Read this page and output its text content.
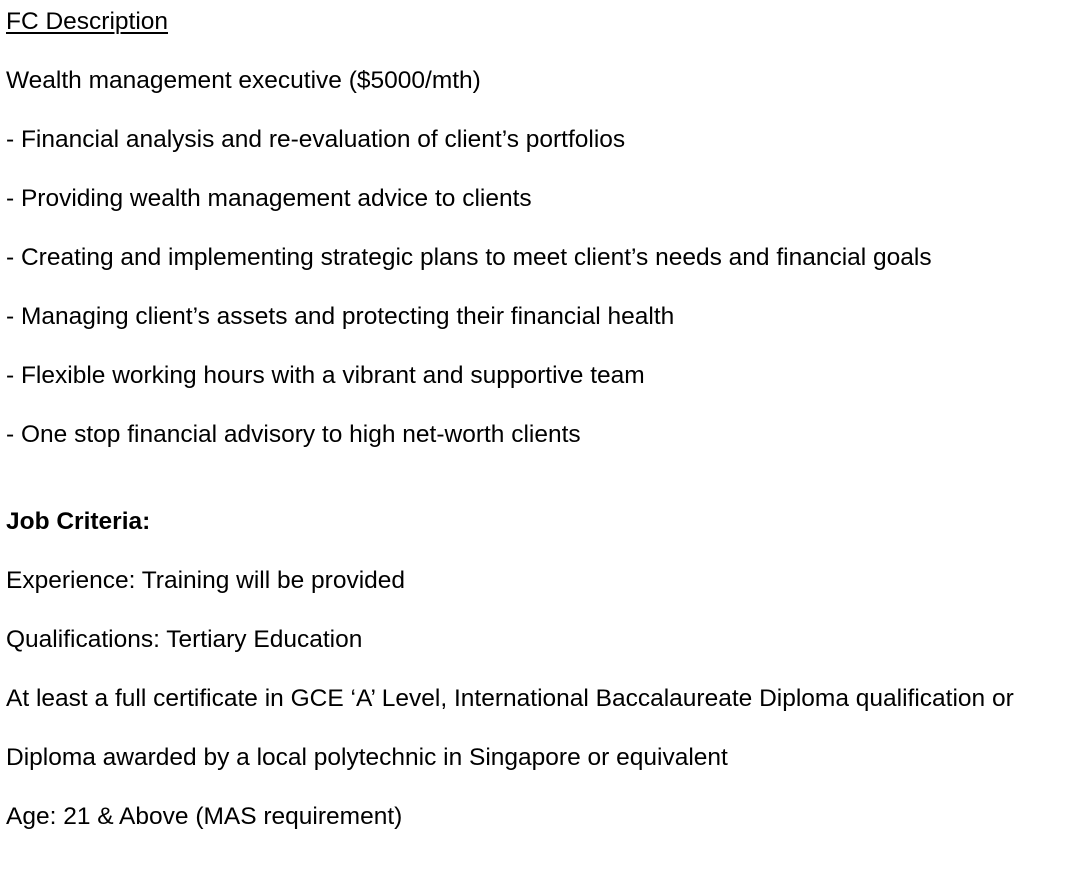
FC Description
Wealth management executive ($5000/mth)
- Financial analysis and re-evaluation of client’s portfolios
- Providing wealth management advice to clients
- Creating and implementing strategic plans to meet client’s needs and financial goals
- Managing client’s assets and protecting their financial health
- Flexible working hours with a vibrant and supportive team
- One stop financial advisory to high net-worth clients
Job Criteria:
Experience: Training will be provided
Qualifications: Tertiary Education
At least a full certificate in GCE ‘A’ Level, International Baccalaureate Diploma qualification or
Diploma awarded by a local polytechnic in Singapore or equivalent
Age: 21 & Above (MAS requirement)
